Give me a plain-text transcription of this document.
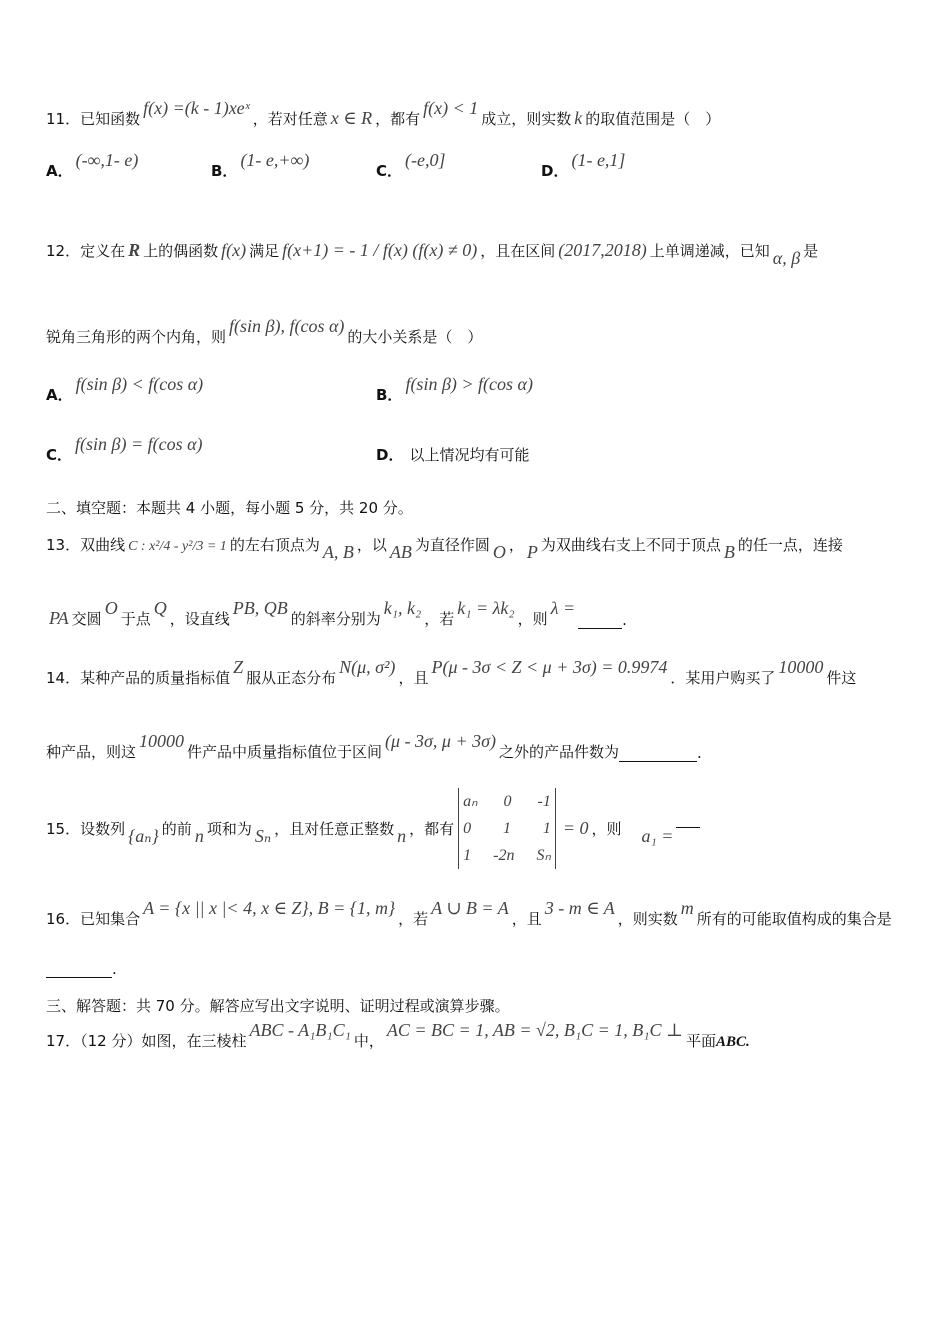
11．已知函数
f(x) =(k - 1)xeˣ
，若对任意 x ∈ R ，都有
f(x) < 1
成立，则实数 k 的取值范围是（　）
A．
(-∞,1- e)
B．
(1- e,+∞)
C．
(-e,0]
D．
(1- e,1]
12．定义在 R 上的偶函数 f(x) 满足 f(x+1) = - 1 / f(x) (f(x) ≠ 0) ，且在区间 (2017,2018) 上单调递减，已知 α, β 是
锐角三角形的两个内角，则
f(sin β), f(cos α)
的大小关系是（　）
A．
f(sin β) < f(cos α)
B．
f(sin β) > f(cos α)
C．
f(sin β) = f(cos α)
D． 以上情况均有可能
二、填空题：本题共 4 小题，每小题 5 分，共 20 分。
13．双曲线 C : x²/4 - y²/3 = 1 的左右顶点为 A, B ，以 AB 为直径作圆 O ， P 为双曲线右支上不同于顶点 B 的任一点，连接
PA 交圆
O
于点
Q
，设直线
PB, QB
的斜率分别为
k₁, k₂
，若
k₁ = λk₂
，则
λ =
.
14．某种产品的质量指标值
Z
服从正态分布
N(μ, σ²)
，且
P(μ - 3σ < Z < μ + 3σ) = 0.9974
．某用户购买了
10000
件这
种产品，则这
10000
件产品中质量指标值位于区间
(μ - 3σ, μ + 3σ)
之外的产品件数为	.
15．设数列 {aₙ} 的前 n 项和为 Sₙ ，且对任意正整数 n ，都有
aₙ 0 -1
0 1 1
1 -2n Sₙ
= 0 ，则 a₁ =
16．已知集合
A = {x || x |< 4, x ∈ Z}, B = {1, m}
，若
A ∪ B = A
，且
3 - m ∈ A
，则实数
m
所有的可能取值构成的集合是
.
三、解答题：共 70 分。解答应写出文字说明、证明过程或演算步骤。
17．（12 分）如图，在三棱柱
ABC - A₁B₁C₁
中，
AC = BC = 1, AB = √2, B₁C = 1, B₁C ⊥
平面 ABC.
